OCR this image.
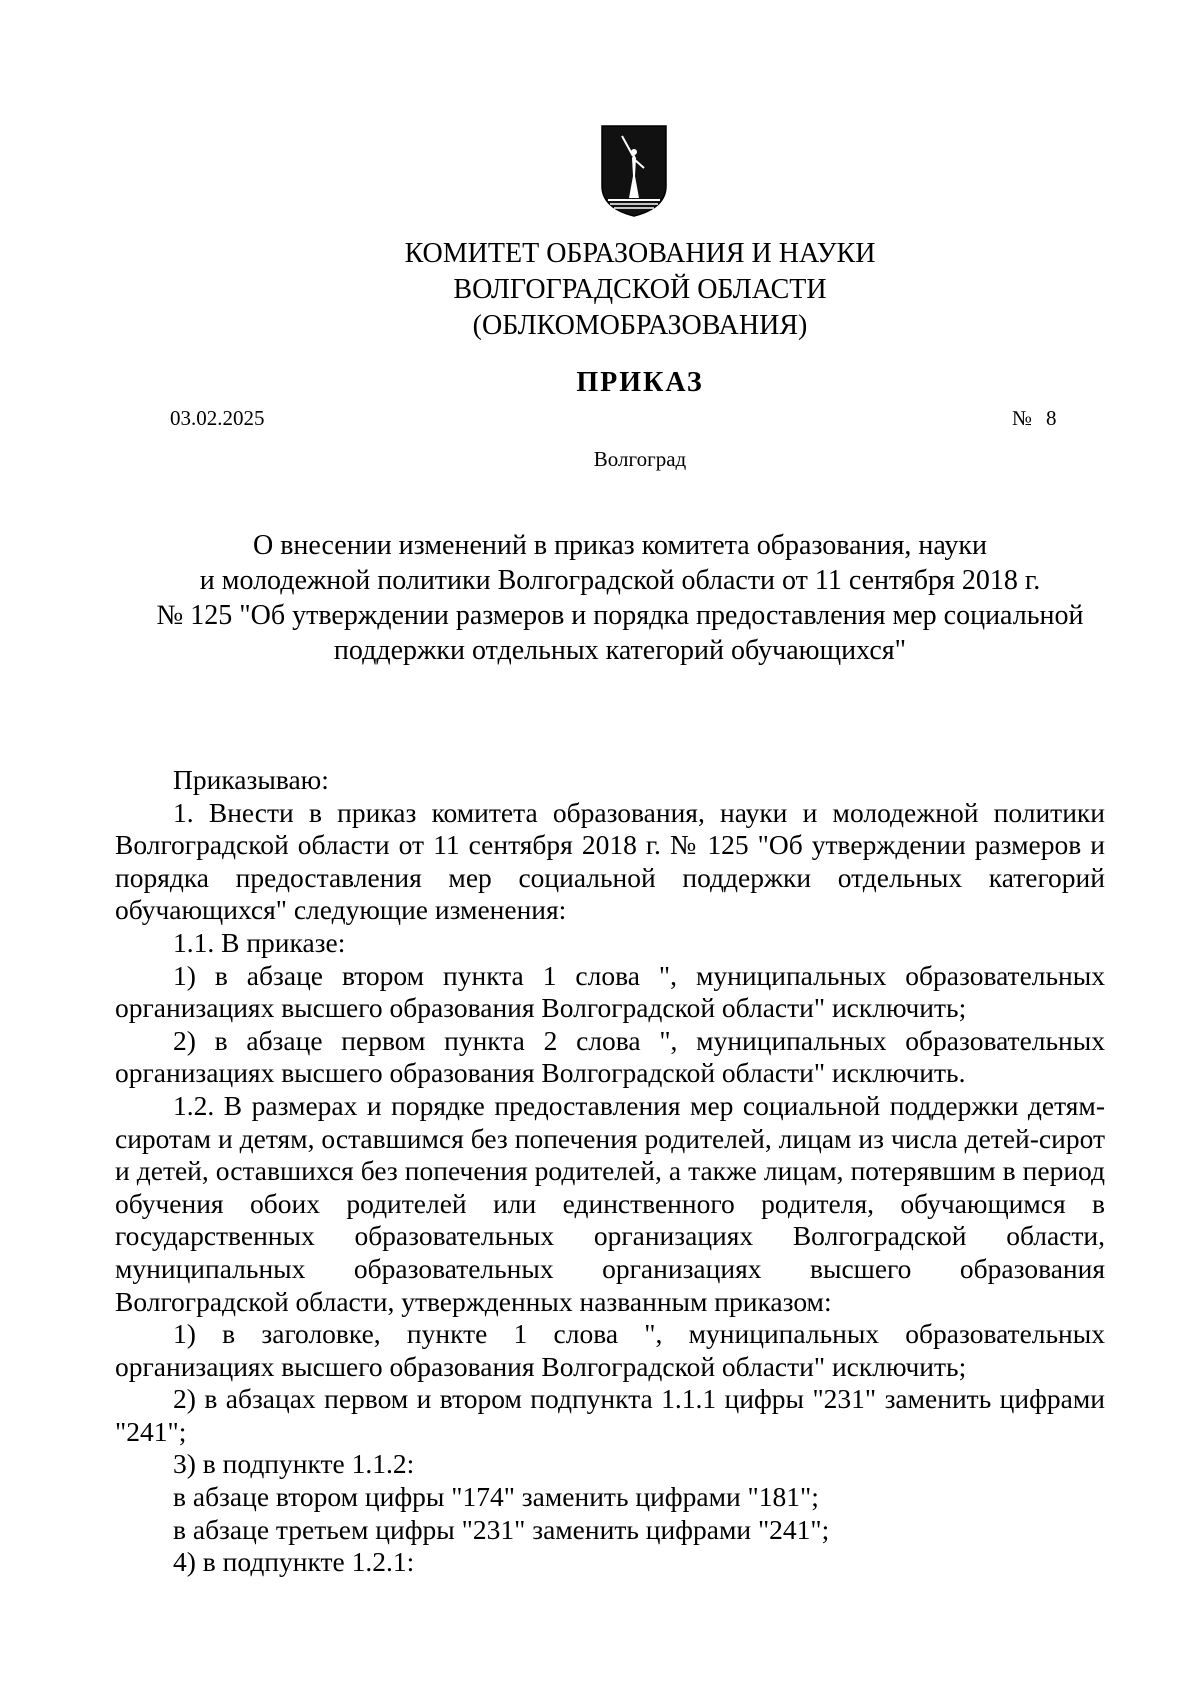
КОМИТЕТ ОБРАЗОВАНИЯ И НАУКИ
ВОЛГОГРАДСКОЙ ОБЛАСТИ
(ОБЛКОМОБРАЗОВАНИЯ)
ПРИКАЗ
03.02.2025	№ 8
Волгоград
О внесении изменений в приказ комитета образования, науки
и молодежной политики Волгоградской области от 11 сентября 2018 г.
№ 125 "Об утверждении размеров и порядка предоставления мер социальной
поддержки отдельных категорий обучающихся"

Приказываю:

1. Внести в приказ комитета образования, науки и молодежной политики Волгоградской области от 11 сентября 2018 г. № 125 "Об утверждении размеров и порядка предоставления мер социальной поддержки отдельных категорий обучающихся" следующие изменения:

1.1. В приказе:

1) в абзаце втором пункта 1 слова ", муниципальных образовательных организациях высшего образования Волгоградской области" исключить;

2) в абзаце первом пункта 2 слова ", муниципальных образовательных организациях высшего образования Волгоградской области" исключить.

1.2. В размерах и порядке предоставления мер социальной поддержки детям-сиротам и детям, оставшимся без попечения родителей, лицам из числа детей-сирот и детей, оставшихся без попечения родителей, а также лицам, потерявшим в период обучения обоих родителей или единственного родителя, обучающимся в государственных образовательных организациях Волгоградской области, муниципальных образовательных организациях высшего образования Волгоградской области, утвержденных названным приказом:

1) в заголовке, пункте 1 слова ", муниципальных образовательных организациях высшего образования Волгоградской области" исключить;

2) в абзацах первом и втором подпункта 1.1.1 цифры "231" заменить цифрами "241";

3) в подпункте 1.1.2:

в абзаце втором цифры "174" заменить цифрами "181";

в абзаце третьем цифры "231" заменить цифрами "241";

4) в подпункте 1.2.1:
